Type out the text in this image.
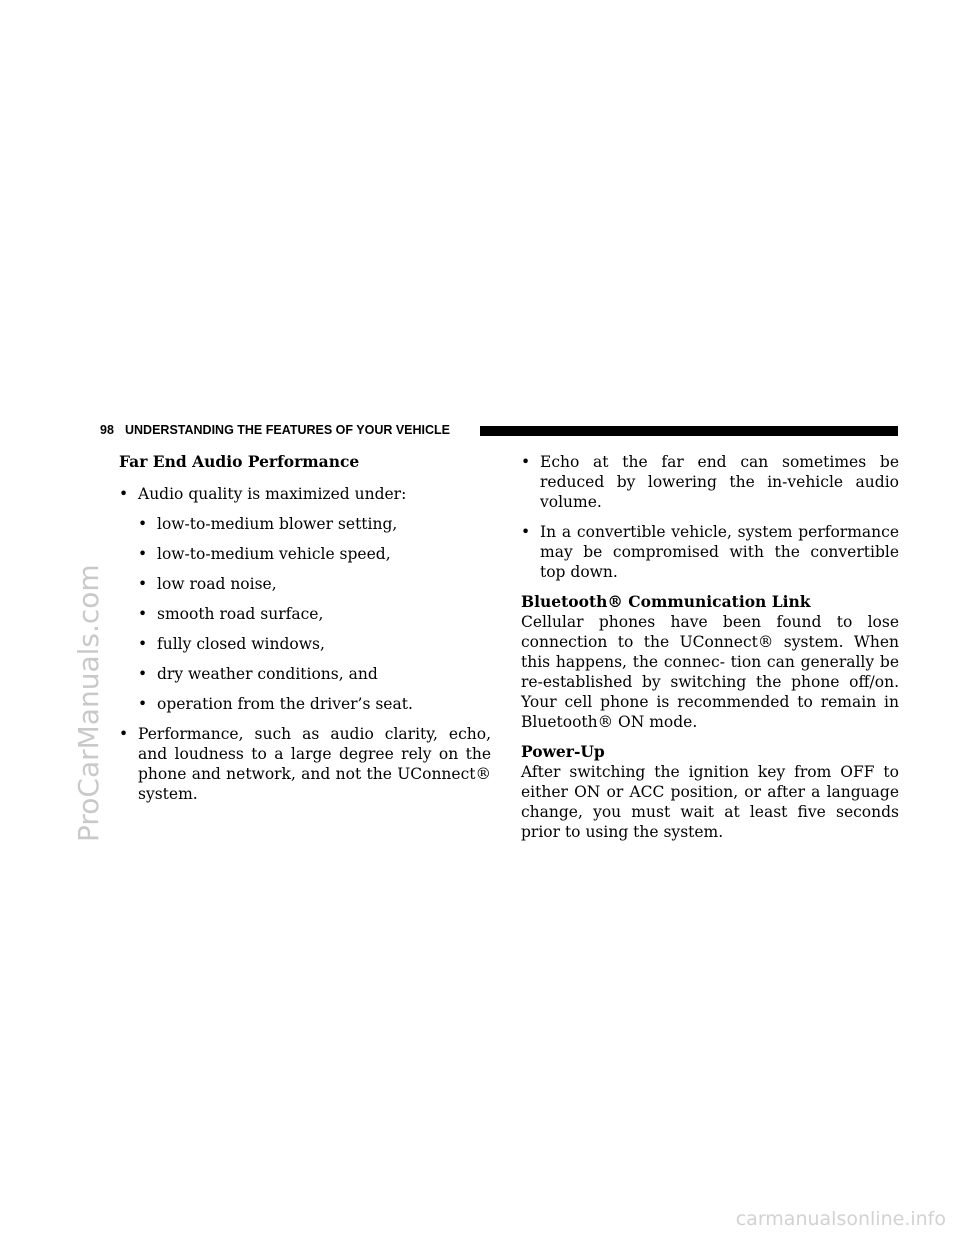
ProCarManuals.com
98 UNDERSTANDING THE FEATURES OF YOUR VEHICLE
Far End Audio Performance
• Audio quality is maximized under:
• low-to-medium blower setting,
• low-to-medium vehicle speed,
• low road noise,
• smooth road surface,
• fully closed windows,
• dry weather conditions, and
• operation from the driver’s seat.
• Performance, such as audio clarity, echo, and loudness to a large degree rely on the phone and network, and not the UConnect® system.
• Echo at the far end can sometimes be reduced by lowering the in-vehicle audio volume.
• In a convertible vehicle, system performance may be compromised with the convertible top down.
Bluetooth® Communication Link
Cellular phones have been found to lose connection to the UConnect® system. When this happens, the connec- tion can generally be re-established by switching the phone off/on. Your cell phone is recommended to remain in Bluetooth® ON mode.
Power-Up
After switching the ignition key from OFF to either ON or ACC position, or after a language change, you must wait at least five seconds prior to using the system.
carmanualsonline.info
